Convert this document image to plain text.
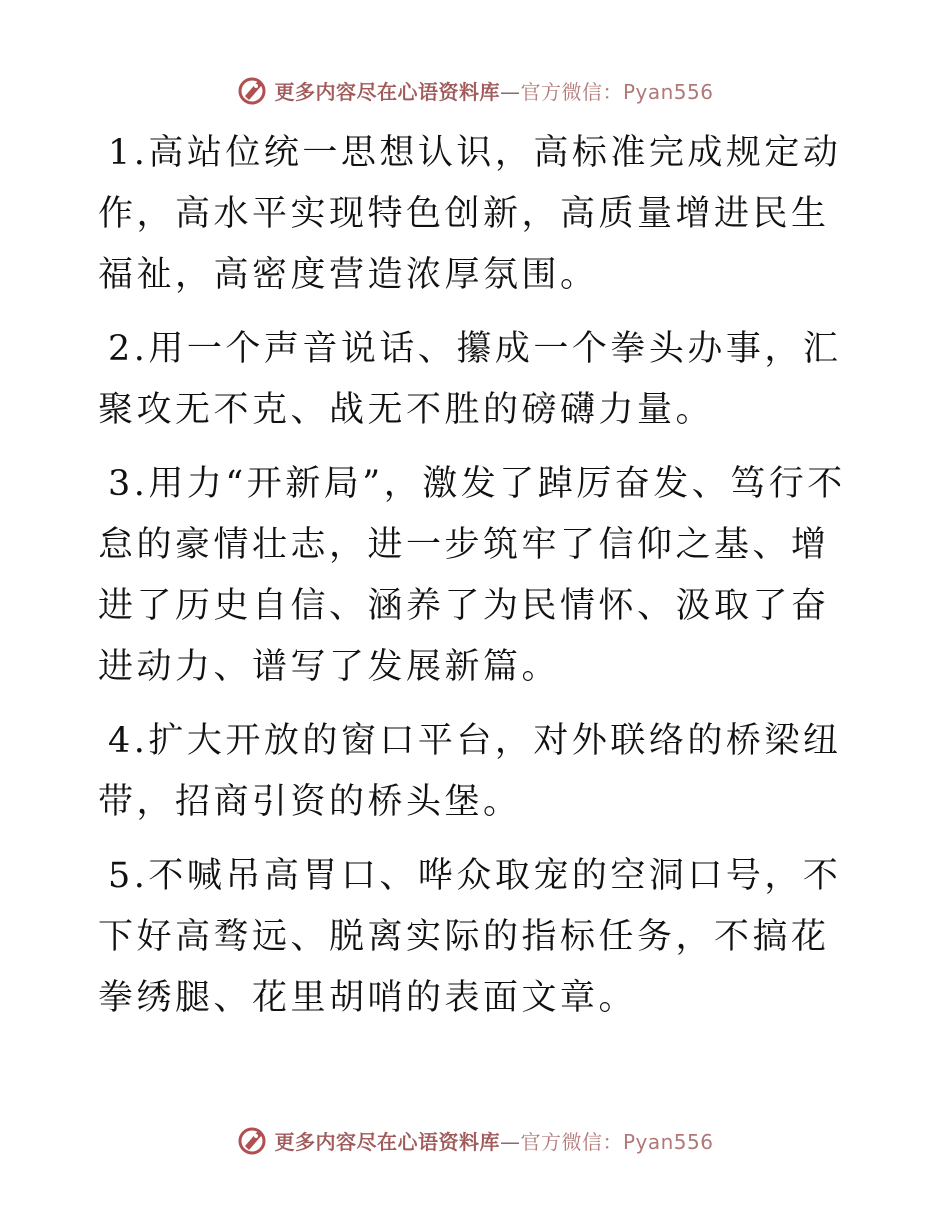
更多内容尽在心语资料库—官方微信：Pyan556

1.高站位统一思想认识，高标准完成规定动作，高水平实现特色创新，高质量增进民生福祉，高密度营造浓厚氛围。

2.用一个声音说话、攥成一个拳头办事，汇聚攻无不克、战无不胜的磅礴力量。

3.用力“开新局”，激发了踔厉奋发、笃行不怠的豪情壮志，进一步筑牢了信仰之基、增进了历史自信、涵养了为民情怀、汲取了奋进动力、谱写了发展新篇。

4.扩大开放的窗口平台，对外联络的桥梁纽带，招商引资的桥头堡。

5.不喊吊高胃口、哗众取宠的空洞口号，不下好高骛远、脱离实际的指标任务，不搞花拳绣腿、花里胡哨的表面文章。

更多内容尽在心语资料库—官方微信：Pyan556
